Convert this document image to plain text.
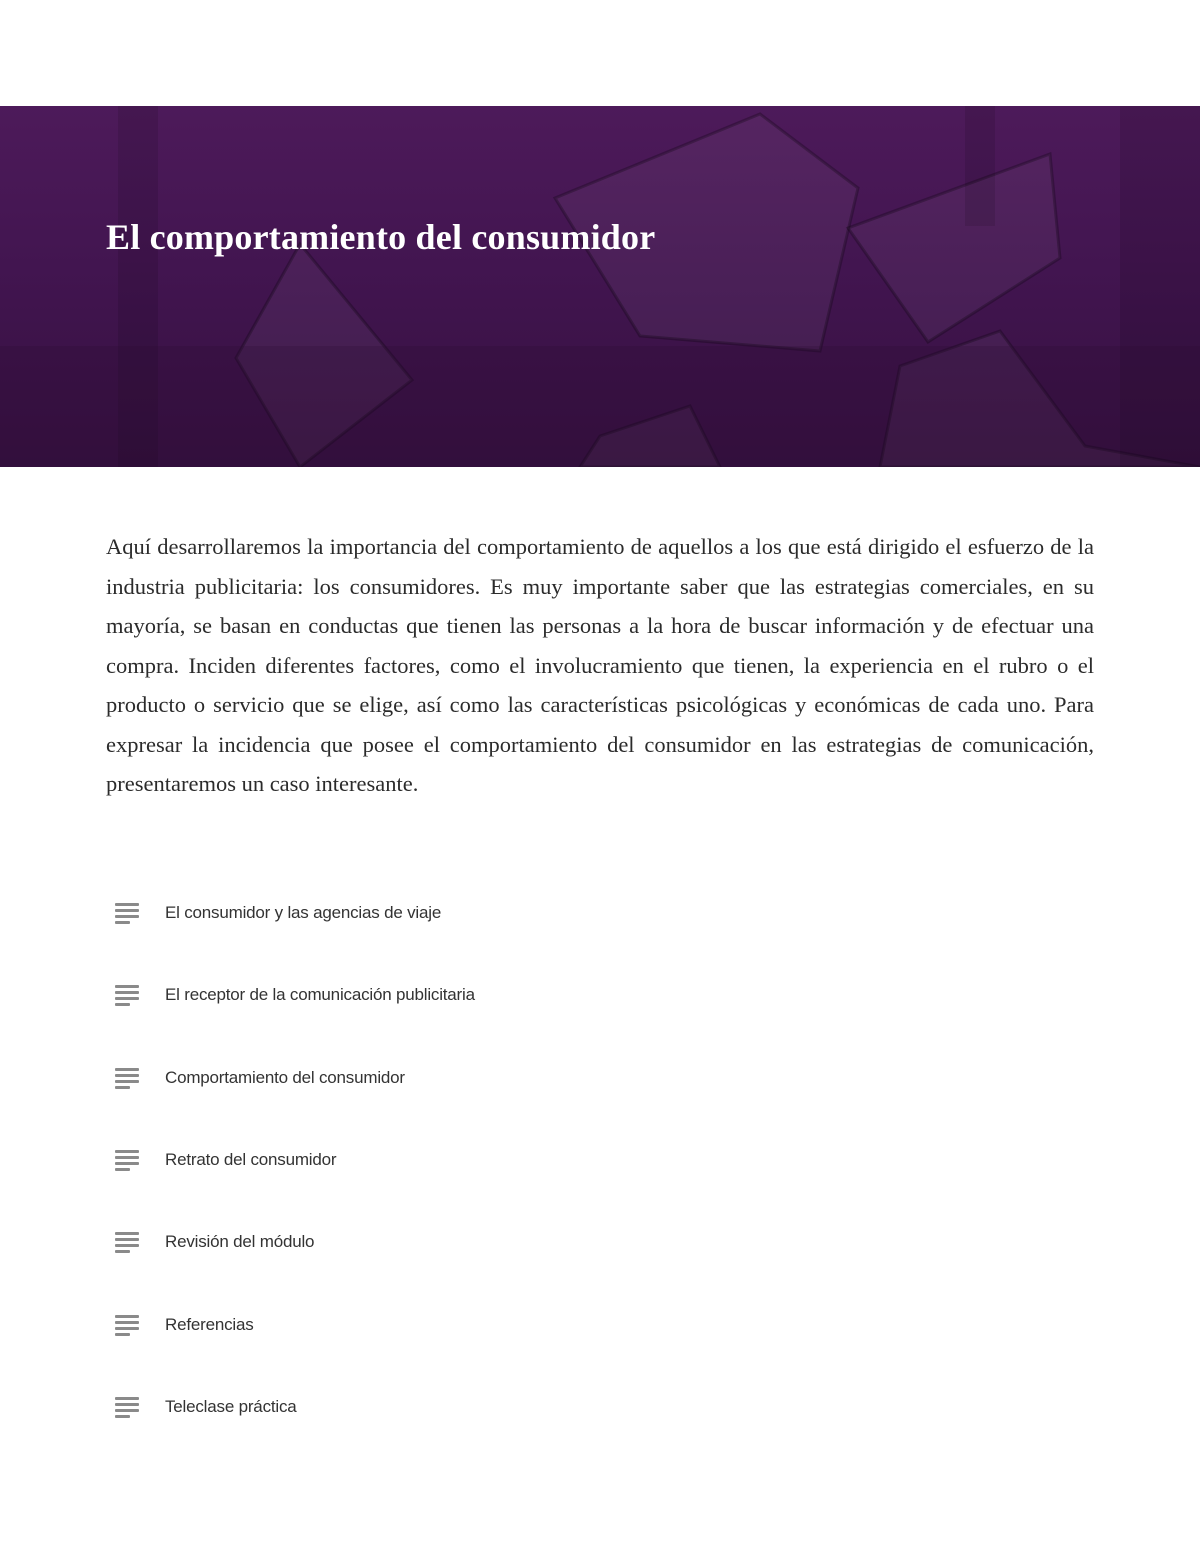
El comportamiento del consumidor

Aquí desarrollaremos la importancia del comportamiento de aquellos a los que está dirigido el esfuerzo de la industria publicitaria: los consumidores. Es muy importante saber que las estrategias comerciales, en su mayoría, se basan en conductas que tienen las personas a la hora de buscar información y de efectuar una compra. Inciden diferentes factores, como el involucramiento que tienen, la experiencia en el rubro o el producto o servicio que se elige, así como las características psicológicas y económicas de cada uno. Para expresar la incidencia que posee el comportamiento del consumidor en las estrategias de comunicación, presentaremos un caso interesante.

El consumidor y las agencias de viaje
El receptor de la comunicación publicitaria
Comportamiento del consumidor
Retrato del consumidor
Revisión del módulo
Referencias
Teleclase práctica
